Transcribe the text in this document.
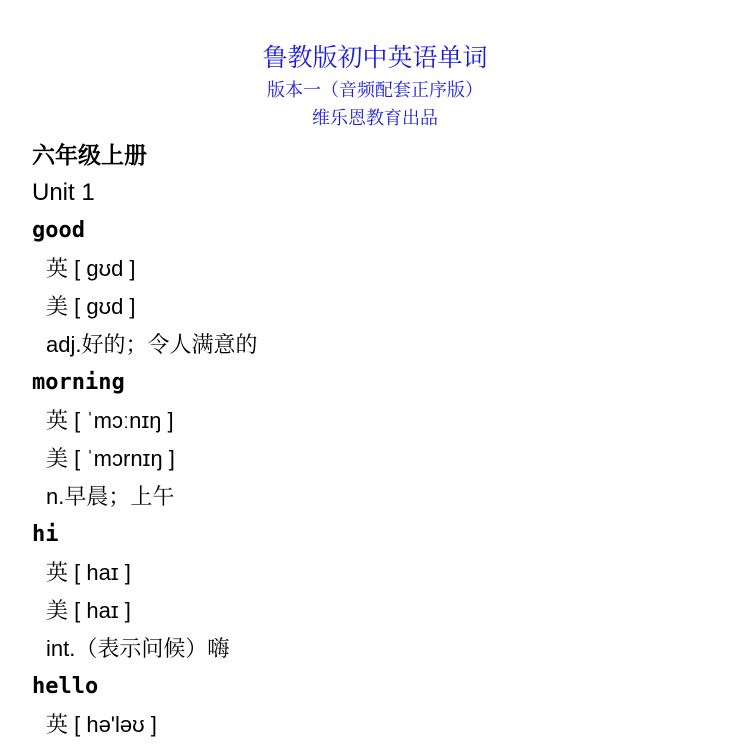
鲁教版初中英语单词
版本一（音频配套正序版）
维乐恩教育出品
六年级上册
Unit 1
good
英 [ ɡʊd ]
美 [ ɡʊd ]
adj.好的；令人满意的
morning
英 [ ˈmɔːnɪŋ ]
美 [ ˈmɔrnɪŋ ]
n.早晨；上午
hi
英 [ haɪ ]
美 [ haɪ ]
int.（表示问候）嗨
hello
英 [ hə'ləʊ ]
